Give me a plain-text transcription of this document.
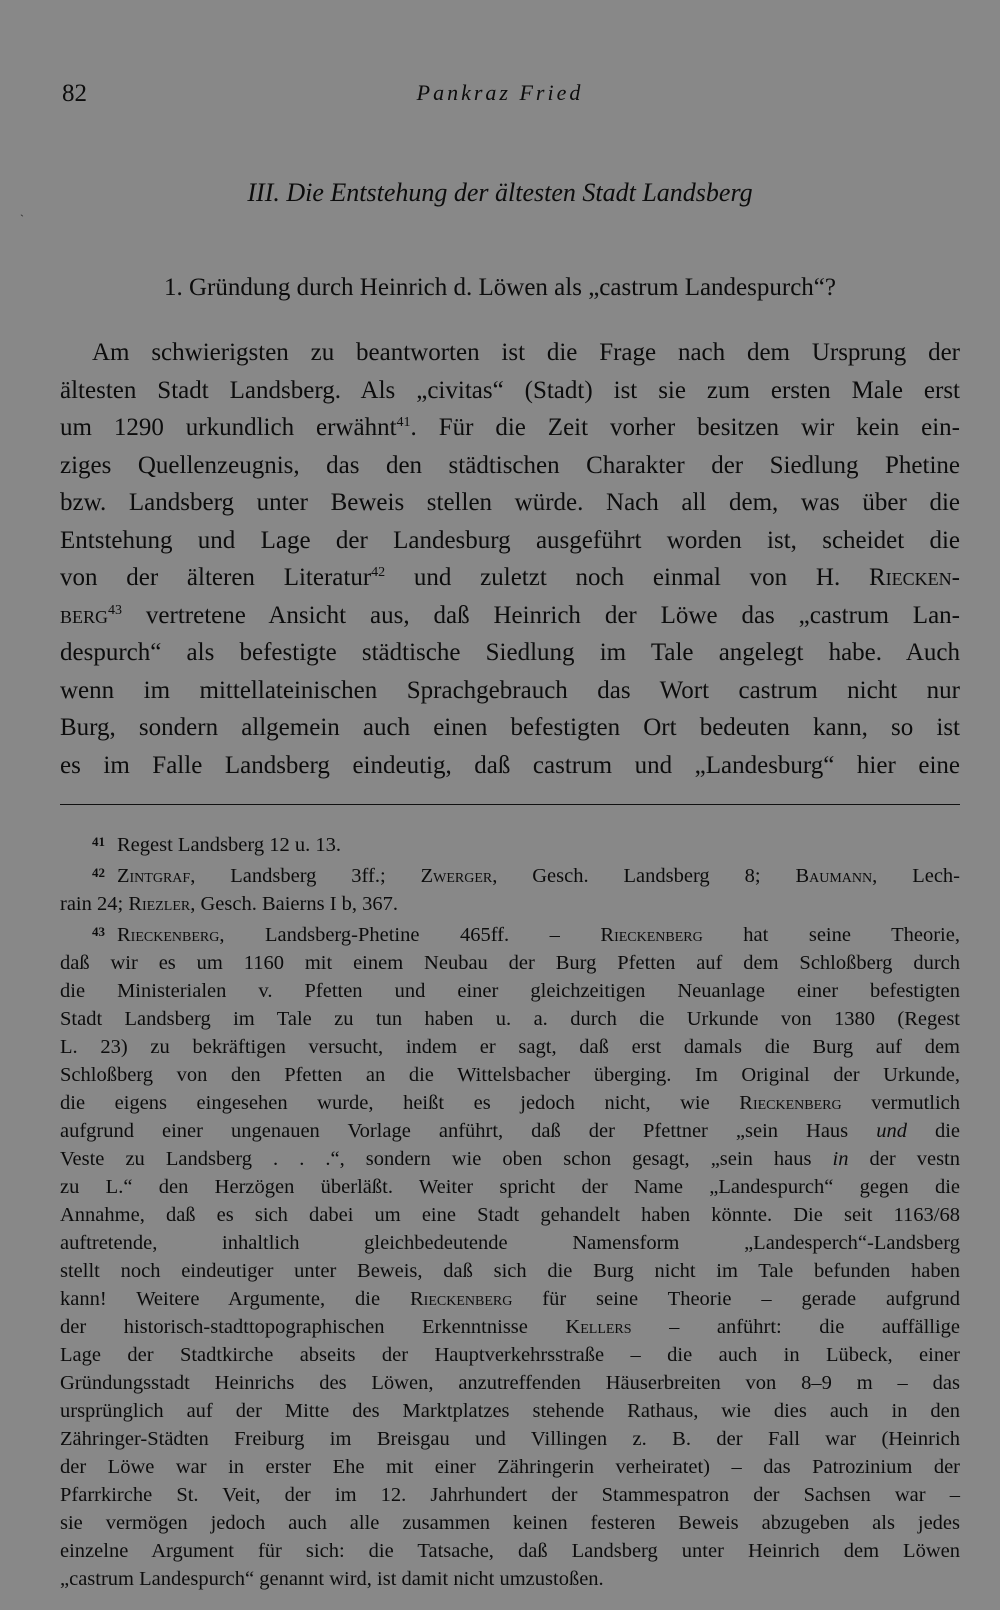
82	Pankraz Fried
ˋ
III. Die Entstehung der ältesten Stadt Landsberg
1. Gründung durch Heinrich d. Löwen als „castrum Landespurch“?
Am schwierigsten zu beantworten ist die Frage nach dem Ursprung der
ältesten Stadt Landsberg. Als „civitas“ (Stadt) ist sie zum ersten Male erst
um 1290 urkundlich erwähnt$^{41}$. Für die Zeit vorher besitzen wir kein ein-
ziges Quellenzeugnis, das den städtischen Charakter der Siedlung Phetine
bzw. Landsberg unter Beweis stellen würde. Nach all dem, was über die
Entstehung und Lage der Landesburg ausgeführt worden ist, scheidet die
von der älteren Literatur$^{42}$ und zuletzt noch einmal von H. Riecken-
berg$^{43}$ vertretene Ansicht aus, daß Heinrich der Löwe das „castrum Lan-
despurch“ als befestigte städtische Siedlung im Tale angelegt habe. Auch
wenn im mittellateinischen Sprachgebrauch das Wort castrum nicht nur
Burg, sondern allgemein auch einen befestigten Ort bedeuten kann, so ist
es im Falle Landsberg eindeutig, daß castrum und „Landesburg“ hier eine
$^{41}$ Regest Landsberg 12 u. 13.
$^{42}$ Zintgraf, Landsberg 3ff.; Zwerger, Gesch. Landsberg 8; Baumann, Lech-
rain 24; Riezler, Gesch. Baierns I b, 367.
$^{43}$ Rieckenberg, Landsberg-Phetine 465ff. – Rieckenberg hat seine Theorie,
daß wir es um 1160 mit einem Neubau der Burg Pfetten auf dem Schloßberg durch
die Ministerialen v. Pfetten und einer gleichzeitigen Neuanlage einer befestigten
Stadt Landsberg im Tale zu tun haben u. a. durch die Urkunde von 1380 (Regest
L. 23) zu bekräftigen versucht, indem er sagt, daß erst damals die Burg auf dem
Schloßberg von den Pfetten an die Wittelsbacher überging. Im Original der Urkunde,
die eigens eingesehen wurde, heißt es jedoch nicht, wie Rieckenberg vermutlich
aufgrund einer ungenauen Vorlage anführt, daß der Pfettner „sein Haus und die
Veste zu Landsberg . . .“, sondern wie oben schon gesagt, „sein haus in der vestn
zu L.“ den Herzögen überläßt. Weiter spricht der Name „Landespurch“ gegen die
Annahme, daß es sich dabei um eine Stadt gehandelt haben könnte. Die seit 1163/68
auftretende, inhaltlich gleichbedeutende Namensform „Landesperch“-Landsberg
stellt noch eindeutiger unter Beweis, daß sich die Burg nicht im Tale befunden haben
kann! Weitere Argumente, die Rieckenberg für seine Theorie – gerade aufgrund
der historisch-stadttopographischen Erkenntnisse Kellers – anführt: die auffällige
Lage der Stadtkirche abseits der Hauptverkehrsstraße – die auch in Lübeck, einer
Gründungsstadt Heinrichs des Löwen, anzutreffenden Häuserbreiten von 8–9 m – das
ursprünglich auf der Mitte des Marktplatzes stehende Rathaus, wie dies auch in den
Zähringer-Städten Freiburg im Breisgau und Villingen z. B. der Fall war (Heinrich
der Löwe war in erster Ehe mit einer Zähringerin verheiratet) – das Patrozinium der
Pfarrkirche St. Veit, der im 12. Jahrhundert der Stammespatron der Sachsen war –
sie vermögen jedoch auch alle zusammen keinen festeren Beweis abzugeben als jedes
einzelne Argument für sich: die Tatsache, daß Landsberg unter Heinrich dem Löwen
„castrum Landespurch“ genannt wird, ist damit nicht umzustoßen.
